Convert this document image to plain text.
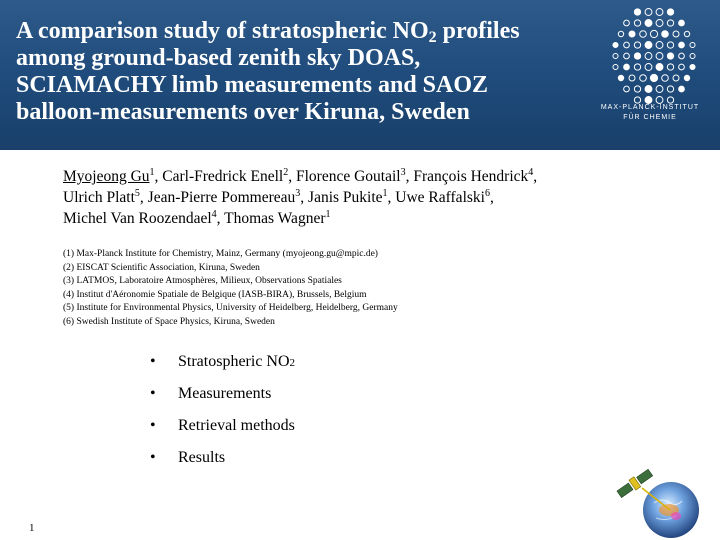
A comparison study of stratospheric $NO_2$ profiles
among ground-based zenith sky DOAS,
SCIAMACHY limb measurements and SAOZ
balloon-measurements over Kiruna, Sweden	MAX-PLANCK-INSTITUT
FÜR CHEMIE
Myojeong Gu$^1$, Carl-Fredrick Enell$^2$, Florence Goutail$^3$, François Hendrick$^4$,
Ulrich Platt$^5$, Jean-Pierre Pommereau$^3$, Janis Pukite$^1$, Uwe Raffalski$^6$,
Michel Van Roozendael$^4$, Thomas Wagner$^1$
(1) Max-Planck Institute for Chemistry, Mainz, Germany (myojeong.gu@mpic.de)
(2) EISCAT Scientific Association, Kiruna, Sweden
(3) LATMOS, Laboratoire Atmosphères, Milieux, Observations Spatiales
(4) Institut d'Aéronomie Spatiale de Belgique (IASB-BIRA), Brussels, Belgium
(5) Institute for Environmental Physics, University of Heidelberg, Heidelberg, Germany
(6) Swedish Institute of Space Physics, Kiruna, Sweden
•	Stratospheric NO 2
•	Measurements
•	Retrieval methods
•	Results
1
